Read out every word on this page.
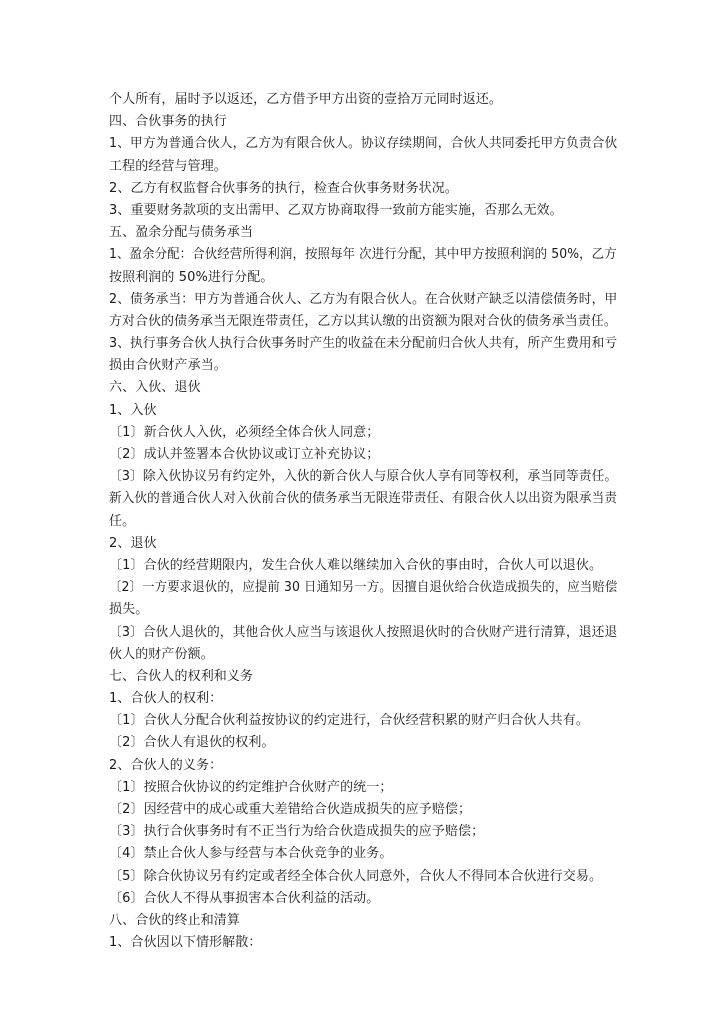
个人所有，届时予以返还，乙方借予甲方出资的壹拾万元同时返还。
四、合伙事务的执行
1、甲方为普通合伙人，乙方为有限合伙人。协议存续期间，合伙人共同委托甲方负责合伙
工程的经营与管理。
2、乙方有权监督合伙事务的执行，检查合伙事务财务状况。
3、重要财务款项的支出需甲、乙双方协商取得一致前方能实施，否那么无效。
五、盈余分配与债务承当
1、盈余分配：合伙经营所得利润，按照每年 次进行分配，其中甲方按照利润的 50%，乙方
按照利润的 50%进行分配。
2、债务承当：甲方为普通合伙人、乙方为有限合伙人。在合伙财产缺乏以清偿债务时，甲
方对合伙的债务承当无限连带责任，乙方以其认缴的出资额为限对合伙的债务承当责任。
3、执行事务合伙人执行合伙事务时产生的收益在未分配前归合伙人共有，所产生费用和亏
损由合伙财产承当。
六、入伙、退伙
1、入伙
〔1〕新合伙人入伙，必须经全体合伙人同意；
〔2〕成认并签署本合伙协议或订立补充协议；
〔3〕除入伙协议另有约定外，入伙的新合伙人与原合伙人享有同等权利，承当同等责任。
新入伙的普通合伙人对入伙前合伙的债务承当无限连带责任、有限合伙人以出资为限承当责
任。
2、退伙
〔1〕合伙的经营期限内，发生合伙人难以继续加入合伙的事由时，合伙人可以退伙。
〔2〕一方要求退伙的，应提前 30 日通知另一方。因擅自退伙给合伙造成损失的，应当赔偿
损失。
〔3〕合伙人退伙的，其他合伙人应当与该退伙人按照退伙时的合伙财产进行清算，退还退
伙人的财产份额。
七、合伙人的权利和义务
1、合伙人的权利：
〔1〕合伙人分配合伙利益按协议的约定进行，合伙经营积累的财产归合伙人共有。
〔2〕合伙人有退伙的权利。
2、合伙人的义务：
〔1〕按照合伙协议的约定维护合伙财产的统一；
〔2〕因经营中的成心或重大差错给合伙造成损失的应予赔偿；
〔3〕执行合伙事务时有不正当行为给合伙造成损失的应予赔偿；
〔4〕禁止合伙人参与经营与本合伙竞争的业务。
〔5〕除合伙协议另有约定或者经全体合伙人同意外，合伙人不得同本合伙进行交易。
〔6〕合伙人不得从事损害本合伙利益的活动。
八、合伙的终止和清算
1、合伙因以下情形解散：
